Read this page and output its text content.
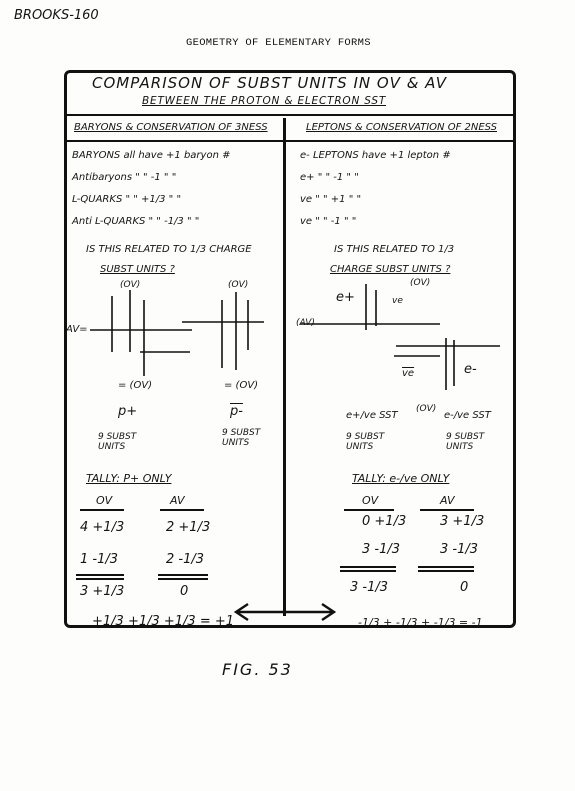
BROOKS-160
GEOMETRY OF ELEMENTARY FORMS
COMPARISON OF SUBST UNITS IN OV & AV
BETWEEN THE PROTON & ELECTRON SST
BARYONS & CONSERVATION OF 3NESS	LEPTONS & CONSERVATION OF 2NESS
BARYONS all have +1 baryon #
Antibaryons " " -1 " "
L-QUARKS " " +1/3 " "
Anti L-QUARKS " " -1/3 " "
e- LEPTONS have +1 lepton #
e+ " " -1 " "
ve " " +1 " "
ve " " -1 " "
IS THIS RELATED TO 1/3 CHARGE
SUBST UNITS ?
IS THIS RELATED TO 1/3
CHARGE SUBST UNITS ?
(OV)	(OV)
AV=
= (OV)	= (OV)
p+	p-
9 SUBST UNITS
9 SUBST UNITS
e+
(OV)
ve
(AV)
$\overline{ve}$	e-
e+/ve SST
(OV)
e-/ve SST
9 SUBST UNITS
9 SUBST UNITS
TALLY: P+ ONLY
OV	AV
4 +1/3	2 +1/3
1 -1/3	2 -1/3
3 +1/3	0
+1/3 +1/3 +1/3 = +1
TALLY: e-/ve ONLY
OV	AV
0 +1/3	3 +1/3
3 -1/3	3 -1/3
3 -1/3	0
-1/3 + -1/3 + -1/3 = -1
FIG. 53
